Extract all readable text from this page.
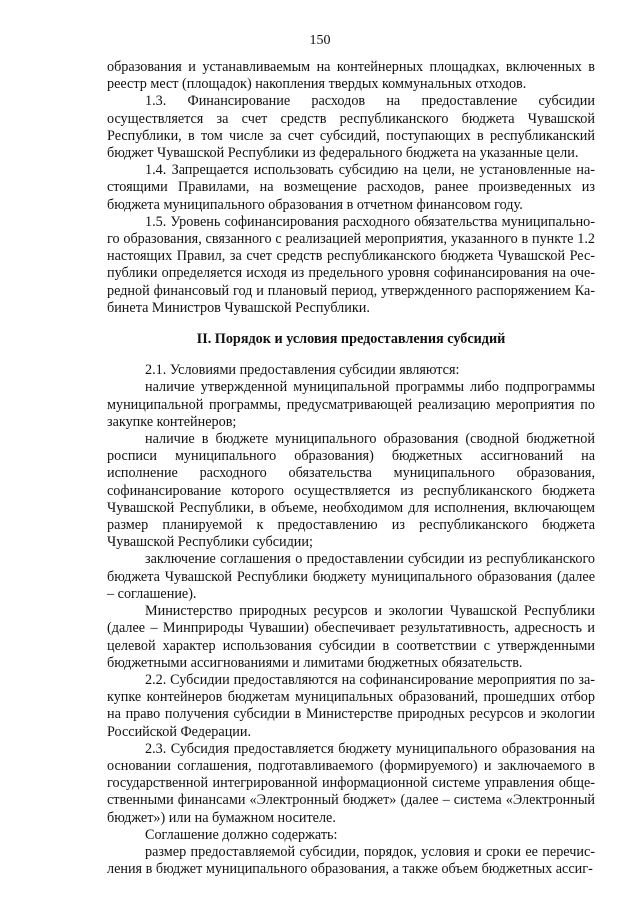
150

образования и устанавливаемым на контейнерных площадках, включенных в реестр мест (площадок) накопления твердых коммунальных отходов.

1.3. Финансирование расходов на предоставление субсидии осуществляется за счет средств республиканского бюджета Чувашской Республики, в том числе за счет субсидий, поступающих в республиканский бюджет Чувашской Республики из федерального бюджета на указанные цели.

1.4. Запрещается использовать субсидию на цели, не установленные настоящими Правилами, на возмещение расходов, ранее произведенных из бюджета муниципального образования в отчетном финансовом году.

1.5. Уровень софинансирования расходного обязательства муниципального образования, связанного с реализацией мероприятия, указанного в пункте 1.2 настоящих Правил, за счет средств республиканского бюджета Чувашской Республики определяется исходя из предельного уровня софинансирования на очередной финансовый год и плановый период, утвержденного распоряжением Кабинета Министров Чувашской Республики.

II. Порядок и условия предоставления субсидий

2.1. Условиями предоставления субсидии являются:

наличие утвержденной муниципальной программы либо подпрограммы муниципальной программы, предусматривающей реализацию мероприятия по закупке контейнеров;

наличие в бюджете муниципального образования (сводной бюджетной росписи муниципального образования) бюджетных ассигнований на исполнение расходного обязательства муниципального образования, софинансирование которого осуществляется из республиканского бюджета Чувашской Республики, в объеме, необходимом для исполнения, включающем размер планируемой к предоставлению из республиканского бюджета Чувашской Республики субсидии;

заключение соглашения о предоставлении субсидии из республиканского бюджета Чувашской Республики бюджету муниципального образования (далее – соглашение).

Министерство природных ресурсов и экологии Чувашской Республики (далее – Минприроды Чувашии) обеспечивает результативность, адресность и целевой характер использования субсидии в соответствии с утвержденными бюджетными ассигнованиями и лимитами бюджетных обязательств.

2.2. Субсидии предоставляются на софинансирование мероприятия по закупке контейнеров бюджетам муниципальных образований, прошедших отбор на право получения субсидии в Министерстве природных ресурсов и экологии Российской Федерации.

2.3. Субсидия предоставляется бюджету муниципального образования на основании соглашения, подготавливаемого (формируемого) и заключаемого в государственной интегрированной информационной системе управления общественными финансами «Электронный бюджет» (далее – система «Электронный бюджет») или на бумажном носителе.

Соглашение должно содержать:

размер предоставляемой субсидии, порядок, условия и сроки ее перечисления в бюджет муниципального образования, а также объем бюджетных ассиг-
